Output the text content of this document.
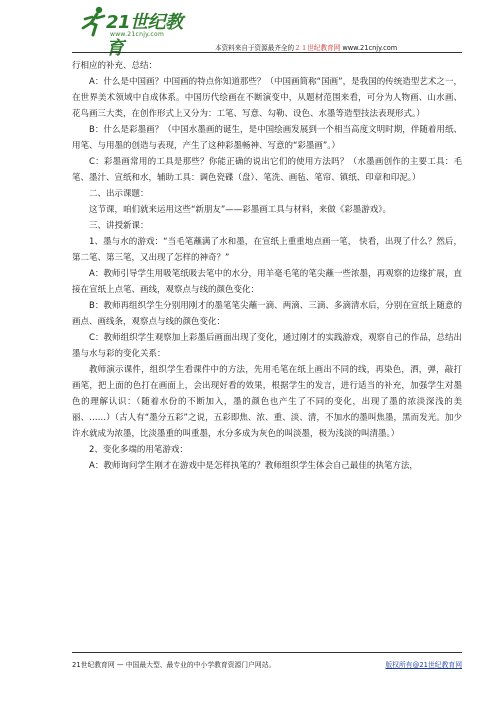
21世纪教育
www.21cnjy.com
本资料来自于资源最齐全的２１世纪教育网 www.21cnjy.com

行相应的补充、总结：

A：什么是中国画？中国画的特点你知道那些？（中国画简称“国画”，是我国的传统造型艺术之一， 在世界美术领域中自成体系。中国历代绘画在不断演变中，从题材范围来看，可分为人物画、山水画、花鸟画三大类，在创作形式上又分为：工笔、写意、勾勒、设色、水墨等造型技法表现形式。）

B：什么是彩墨画？（中国水墨画的诞生，是中国绘画发展到一个相当高度文明时期，伴随着用纸、用笔、与用墨的创造与表现，产生了这种彩墨畅神、写意的“彩墨画”。）

C：彩墨画常用的工具是那些？你能正确的说出它们的使用方法吗？（水墨画创作的主要工具：毛笔、墨汁、宣纸和水，辅助工具：调色瓷碟（盘）、笔洗、画毡、笔帘、镇纸、印章和印泥。）

二、出示课题：

这节课，咱们就来运用这些“新朋友”——彩墨画工具与材料，来做《彩墨游戏》。

三、讲授新课：

1、墨与水的游戏：“当毛笔蘸满了水和墨，在宣纸上重重地点画一笔， 快看，出现了什么？然后，第二笔、第三笔，又出现了怎样的神奇？”

A：教师引导学生用吸笔纸吸去笔中的水分，用羊毫毛笔的笔尖蘸一些浓墨，再观察的边缘扩展，直接在宣纸上点笔、画线，观察点与线的颜色变化：

B：教师再组织学生分别用刚才的墨笔笔尖蘸一滴、两滴、三滴、多滴清水后，分别在宣纸上随意的画点、画线条，观察点与线的颜色变化：

C：教师组织学生观察加上彩墨后画面出现了变化，通过刚才的实践游戏，观察自己的作品，总结出墨与水与彩的变化关系：

教师演示课件，组织学生看课件中的方法，先用毛笔在纸上画出不同的线，再染色，洒，弹，敲打画笔，把上面的色打在画面上，会出现好看的效果，根据学生的发言，进行适当的补充，加强学生对墨色的理解认识：（随着水份的不断加入，墨的颜色也产生了不同的变化，出现了墨的浓淡深浅的美丽、……）（古人有“墨分五彩”之说，五彩即焦、浓、重、淡、清，不加水的墨叫焦墨，黑而发光。加少许水就成为浓墨，比淡墨重的叫重墨，水分多成为灰色的叫淡墨，极为浅淡的叫清墨。）

2、变化多端的用笔游戏：

A：教师询问学生刚才在游戏中是怎样执笔的？教师组织学生体会自己最佳的执笔方法，

21世纪教育网 — 中国最大型、最专业的中小学教育资源门户网站。	版权所有@21世纪教育网
